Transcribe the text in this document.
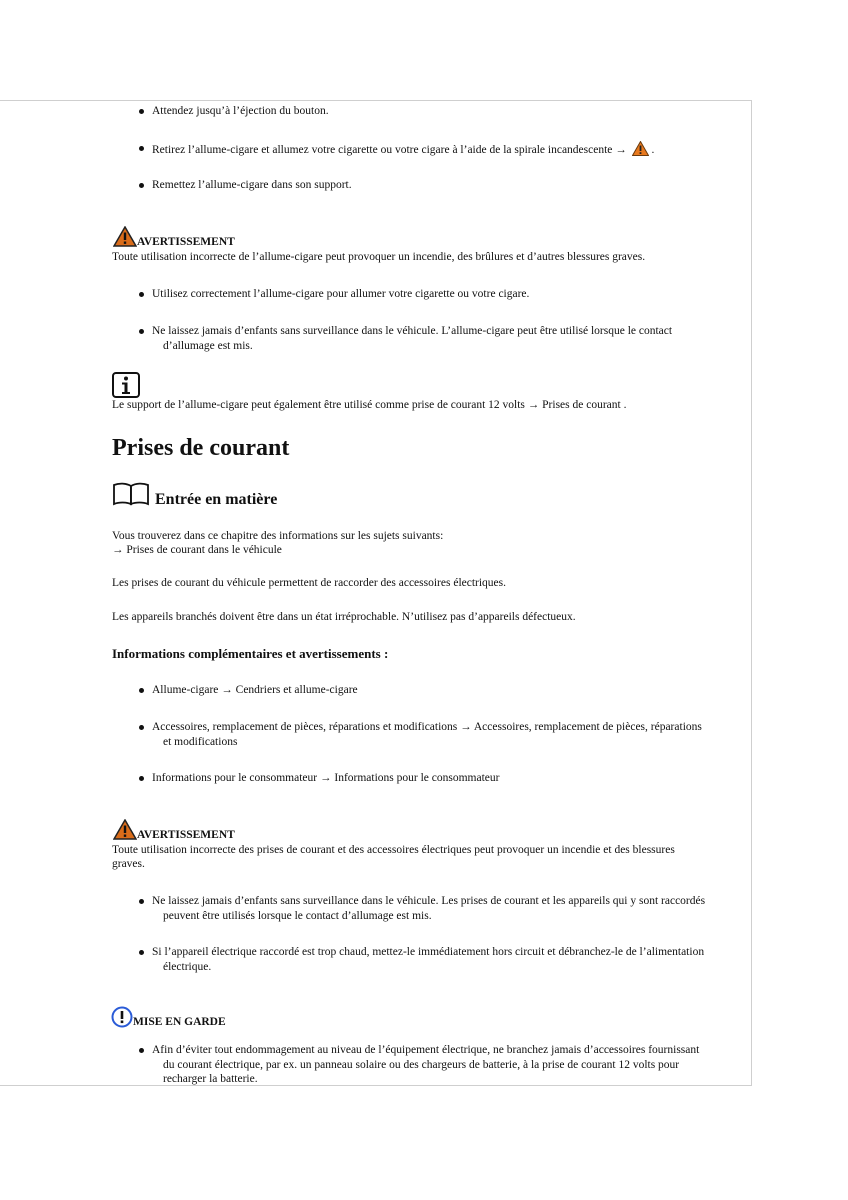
Attendez jusqu’à l’éjection du bouton.
Retirez l’allume-cigare et allumez votre cigarette ou votre cigare à l’aide de la spirale incandescente → .
Remettez l’allume-cigare dans son support.
AVERTISSEMENT
Toute utilisation incorrecte de l’allume-cigare peut provoquer un incendie, des brûlures et d’autres blessures graves.
Utilisez correctement l’allume-cigare pour allumer votre cigarette ou votre cigare.
Ne laissez jamais d’enfants sans surveillance dans le véhicule. L’allume-cigare peut être utilisé lorsque le contact
d’allumage est mis.
Le support de l’allume-cigare peut également être utilisé comme prise de courant 12 volts → Prises de courant .
Prises de courant
Entrée en matière
Vous trouverez dans ce chapitre des informations sur les sujets suivants:
→ Prises de courant dans le véhicule
Les prises de courant du véhicule permettent de raccorder des accessoires électriques.
Les appareils branchés doivent être dans un état irréprochable. N’utilisez pas d’appareils défectueux.
Informations complémentaires et avertissements :
Allume-cigare → Cendriers et allume-cigare
Accessoires, remplacement de pièces, réparations et modifications → Accessoires, remplacement de pièces, réparations
et modifications
Informations pour le consommateur → Informations pour le consommateur
AVERTISSEMENT
Toute utilisation incorrecte des prises de courant et des accessoires électriques peut provoquer un incendie et des blessures
graves.
Ne laissez jamais d’enfants sans surveillance dans le véhicule. Les prises de courant et les appareils qui y sont raccordés
peuvent être utilisés lorsque le contact d’allumage est mis.
Si l’appareil électrique raccordé est trop chaud, mettez-le immédiatement hors circuit et débranchez-le de l’alimentation
électrique.
MISE EN GARDE
Afin d’éviter tout endommagement au niveau de l’équipement électrique, ne branchez jamais d’accessoires fournissant
du courant électrique, par ex. un panneau solaire ou des chargeurs de batterie, à la prise de courant 12 volts pour
recharger la batterie.
